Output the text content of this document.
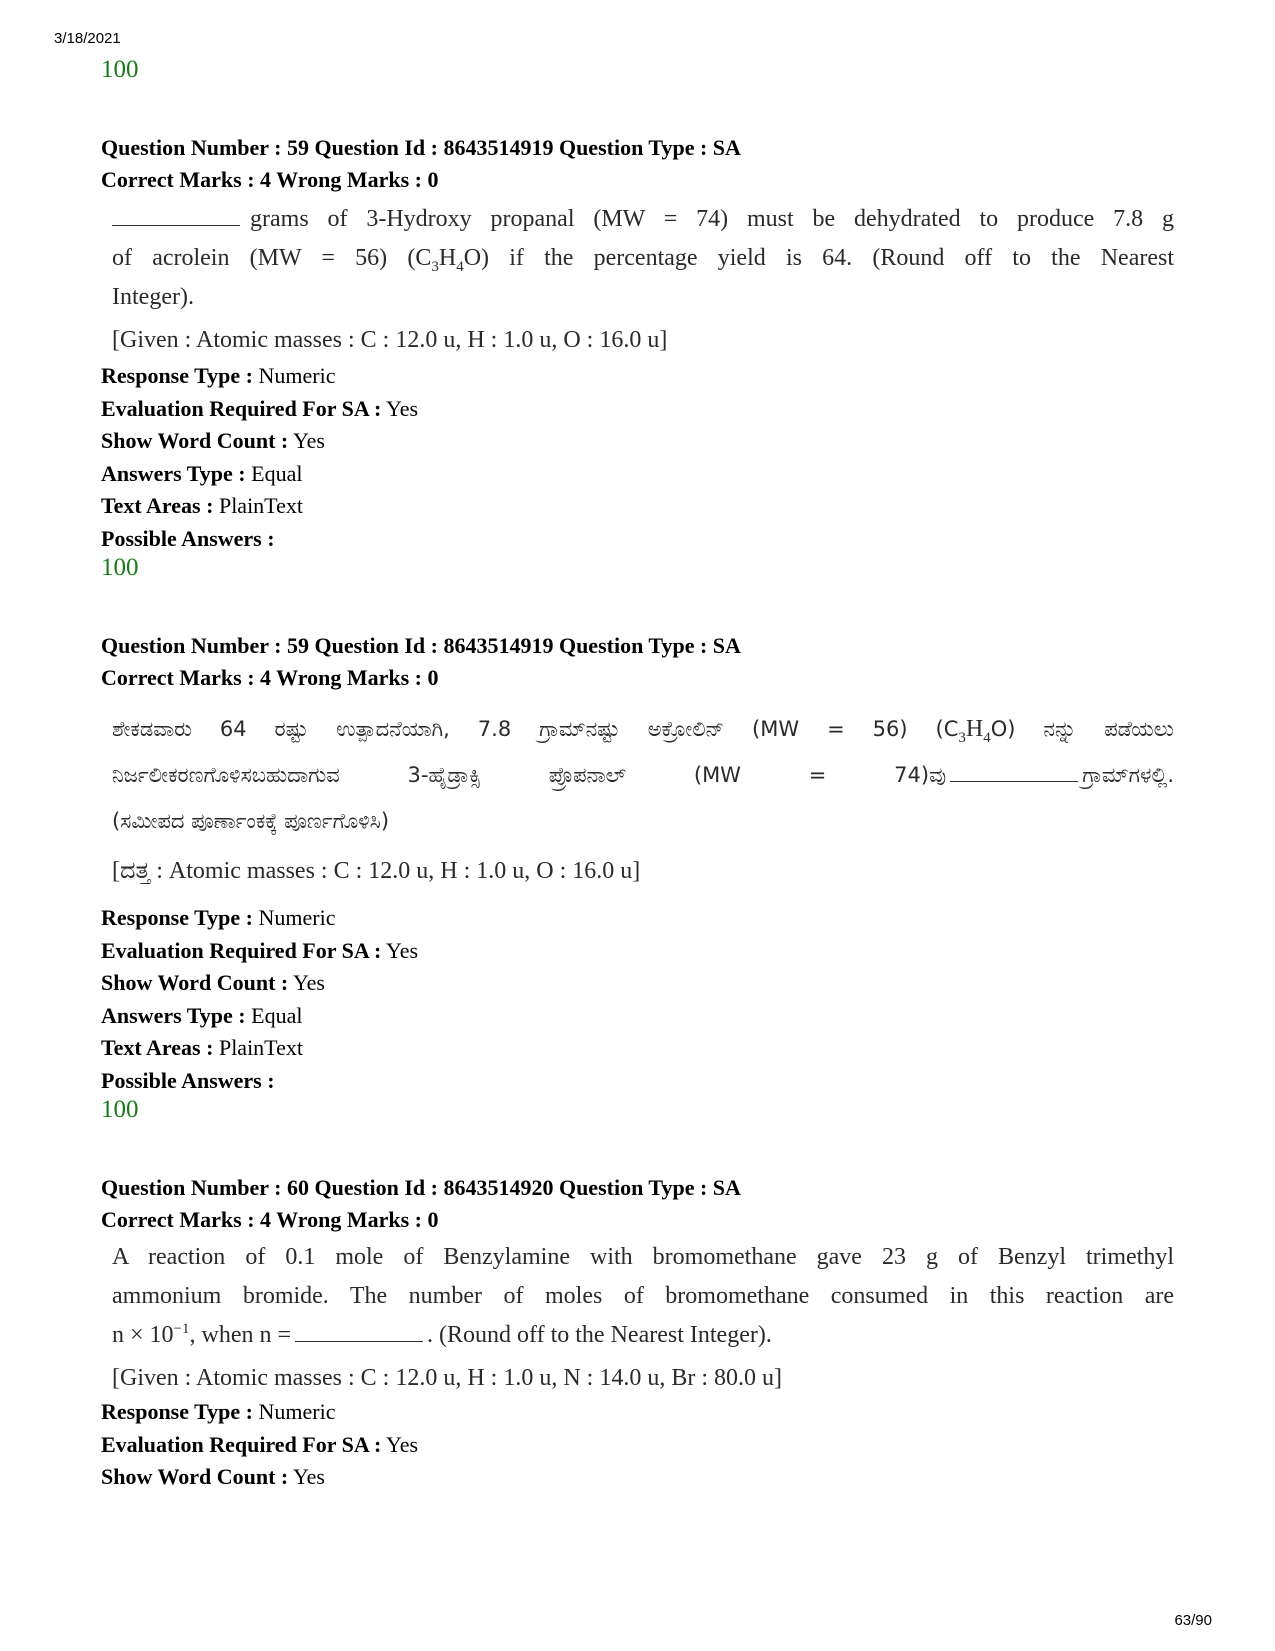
3/18/2021
100
Question Number : 59 Question Id : 8643514919 Question Type : SA
Correct Marks : 4 Wrong Marks : 0
grams of 3-Hydroxy propanal (MW = 74) must be dehydrated to produce 7.8 g
of acrolein (MW = 56) $(C_3H_4O)$ if the percentage yield is 64. (Round off to the Nearest
Integer).
[Given : Atomic masses : C : 12.0 u, H : 1.0 u, O : 16.0 u]
Response Type : Numeric
Evaluation Required For SA : Yes
Show Word Count : Yes
Answers Type : Equal
Text Areas : PlainText
Possible Answers :
100
Question Number : 59 Question Id : 8643514919 Question Type : SA
Correct Marks : 4 Wrong Marks : 0
ಶೇಕಡವಾರು 64 ರಷ್ಟು ಉತ್ಪಾದನೆಯಾಗಿ, 7.8 ಗ್ರಾಮ್‌ನಷ್ಟು ಅಕ್ರೋಲಿನ್ (MW = 56) $(C_3H_4O)$ ನನ್ನು ಪಡೆಯಲು
ನಿರ್ಜಲೀಕರಣಗೊಳಿಸಬಹುದಾಗುವ 3-ಹೈಡ್ರಾಕ್ಸಿ ಪ್ರೊಪನಾಲ್ (MW = 74)ವು	ಗ್ರಾಮ್‌ಗಳಲ್ಲಿ.
(ಸಮೀಪದ ಪೂರ್ಣಾಂಕಕ್ಕೆ ಪೂರ್ಣಗೊಳಿಸಿ)
[ದತ್ತ : Atomic masses : C : 12.0 u, H : 1.0 u, O : 16.0 u]
Response Type : Numeric
Evaluation Required For SA : Yes
Show Word Count : Yes
Answers Type : Equal
Text Areas : PlainText
Possible Answers :
100
Question Number : 60 Question Id : 8643514920 Question Type : SA
Correct Marks : 4 Wrong Marks : 0
A reaction of 0.1 mole of Benzylamine with bromomethane gave 23 g of Benzyl trimethyl
ammonium bromide. The number of moles of bromomethane consumed in this reaction are
$n \times 10^{-1}$, when n =	. (Round off to the Nearest Integer).
[Given : Atomic masses : C : 12.0 u, H : 1.0 u, N : 14.0 u, Br : 80.0 u]
Response Type : Numeric
Evaluation Required For SA : Yes
Show Word Count : Yes
63/90
